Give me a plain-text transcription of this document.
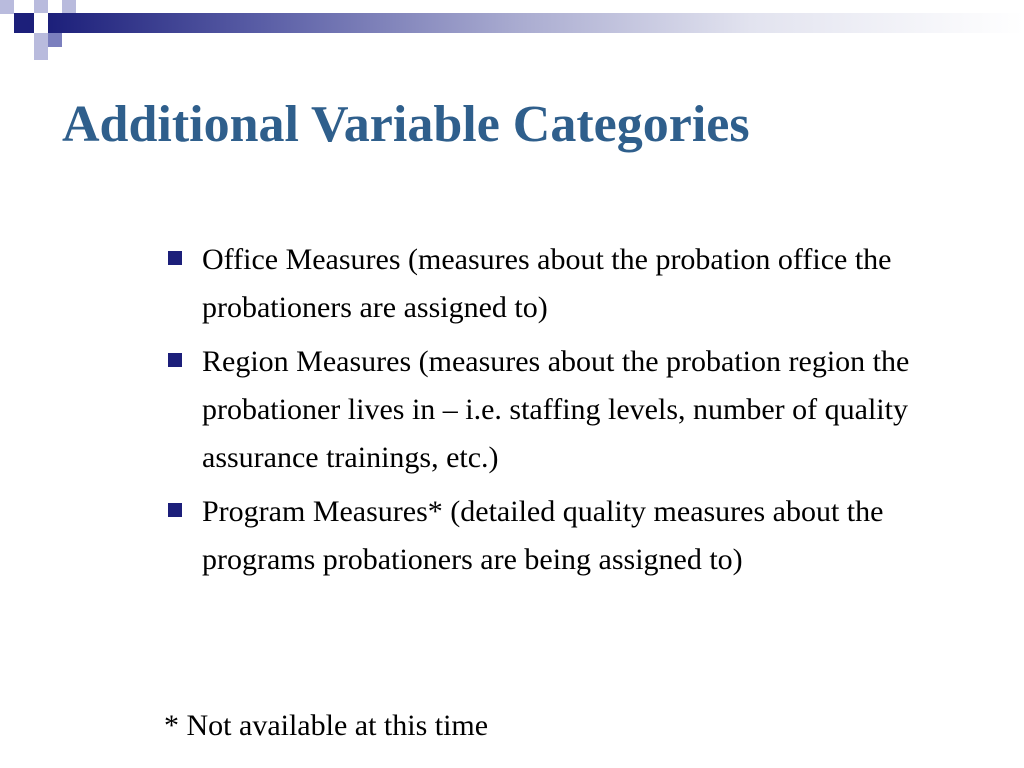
Additional Variable Categories
Office Measures (measures about the probation office the probationers are assigned to)
Region Measures (measures about the probation region the probationer lives in – i.e. staffing levels, number of quality assurance trainings, etc.)
Program Measures* (detailed quality measures about the programs probationers are being assigned to)

* Not available at this time
